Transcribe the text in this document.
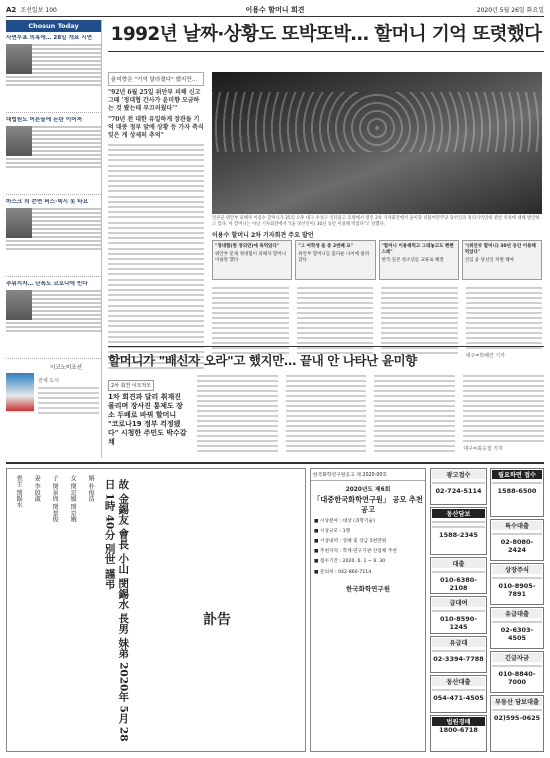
A2 조선일보 100	이용수 할머니 회견	2020년 5월 26일 화요일
Chosun Today
사면투표 의혹에… 28일 개표 시연
대법원도 어른들에 논란 이어져
마스크 의 쓴면 버스·택시 못 타요
추워지자… 난폭도 코로나에 빈다
이코노미조선
전체 도서
1992년 날짜·상황도 또박또박… 할머니 기억 또렷했다
윤미향은 "기억 달라졌다" 했지만…
"92년 6월 25일 위안부 피해 신고 그때 '정대협 간사가 윤미향 모금하는 것 봤는데 부끄러웠다'"
"70년 전 대한 유일하게 장관들 기억 대중 정부 앞에 상황 등 가자 측식 잊은 게 상세히 추억"
일본군 위안부 피해자 이용수 할머니가 25일 오후 대구 수성구 인터불고 호텔에서 열린 2차 기자회견에서 윤미향 더불어민주당 당선인과 정의기억연대 관련 의혹에 대해 발언하고 있다. 이 할머니는 이날 기자회견에서 "(윤 당선인이) 30년 동안 이용해 먹었다"고 말했다.
이용수 할머니 2차 기자회견 주요 발언
"정대협(현 정의연)에 욕먹었다"
위안부 문제 정대협이 피해자 할머니 이용만 했다
"그 여학생 몫 중 2번째 요"
위안부 할머니들 꽃다운 나이에 팔려갔다
"할머니 이용해먹고 그래놓고도 뻔뻔스레"
한국·일본 청소년들 교류로 해결
"(위안부 할머니) 30년 동안 이용해 먹었다"
신임 윤 당선인 처벌 해야
대구=박혜린 기자
할머니가 "배신자 오라"고 했지만… 끝내 안 나타난 윤미향
2차 회견 이모저모
1차 회견과 달리 취재진 몰리며 장사진 통제도 장소 두배로 바꿔 할머니 "코로나19 정부 걱정됐다" 시청한 주민도 박수갈채
대구=최승철 기자
喪主 閔錫水 妻 李殷淑 子 閔景周 閔景俊 女 閔京媛 閔京娥 婿 朴俊浩	故 金錫友 會長 小山 閔錫水 長男 妹弟 2020年 5月 28日 1時 40分 別世 謹弔
訃告
한국화학연구원공고 제 2020-00호
2020년도 제6회
「대중한국화학연구원」 공모 추천 공고
■ 시상분야 : 대상 (과학기술)
■ 시상규모 : 1명
■ 시상내역 : 상패 및 상금 5천만원
■ 추천자격 : 학계·연구기관·산업체 추천
■ 접수기간 : 2020. 6. 1 ~ 6. 30
■ 문의처 : 042-860-7114
한국화학연구원
광고접수
02-724-5114
동산담보
1588-2345
대출
010-6380-2108
급대여
010-8590-1245
유급대
02-3394-7788
동산대출
054-471-4505
법원경매
1800-6718
필요하면 접수
1588-6500
특수대출
02-8080-2424
상장주식
010-8905-7891
유급대출
02-6303-4505
긴급자금
010-8840-7000
부동산 담보대출
02)595-0625
